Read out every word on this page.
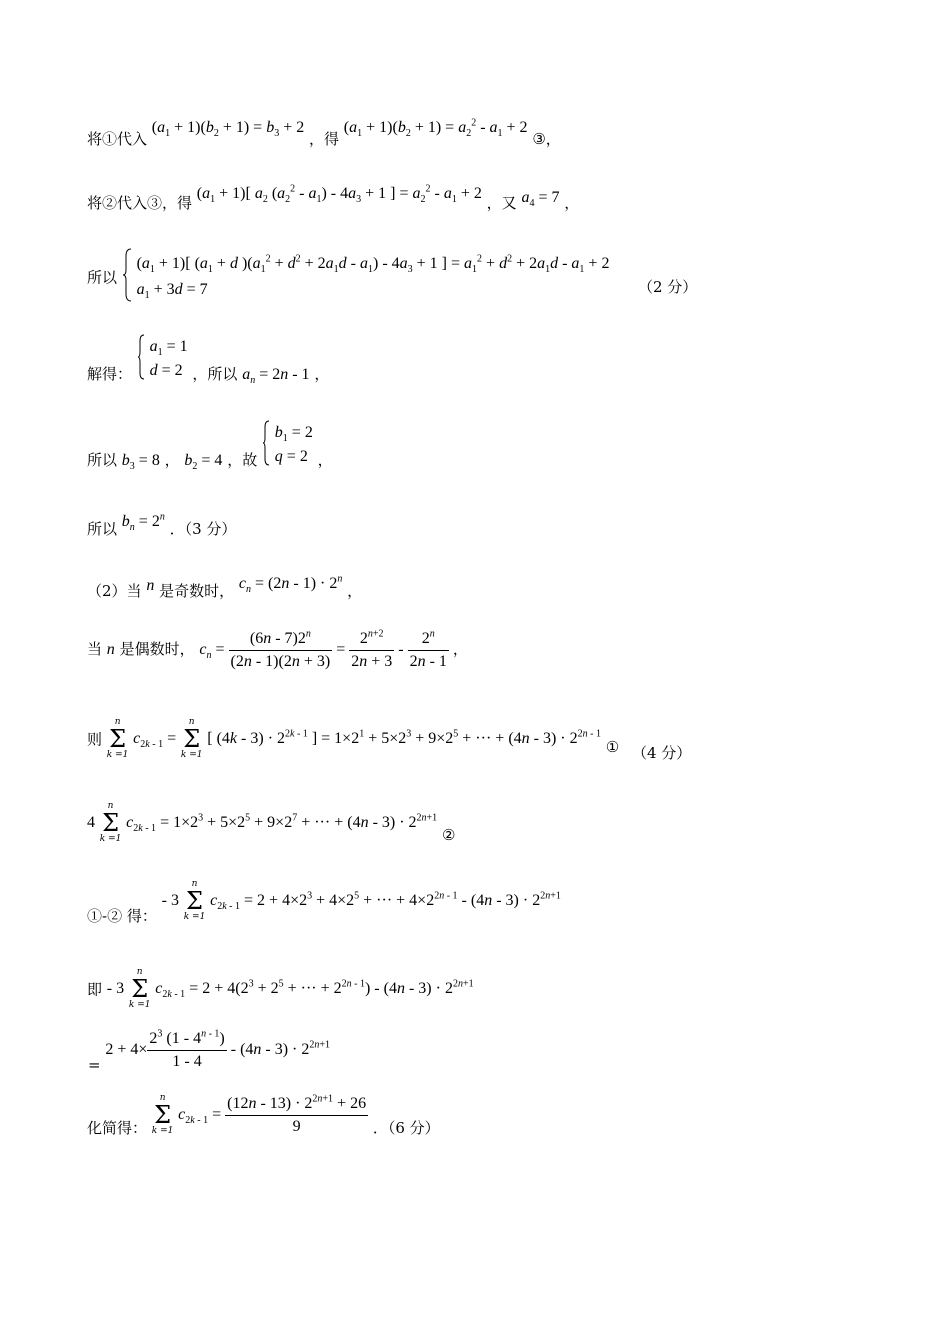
将①代入 $(a_1 + 1)(b_2 + 1) = b_3 + 2$ ，得 $(a_1 + 1)(b_2 + 1) = a_2^2 - a_1 + 2$ ③，
将②代入③，得 $(a_1 + 1)$[ $a_2$ $(a_2^2 - a_1) - 4a_3 + 1$ ] = $a_2^2 - a_1 + 2$ ，又 $a_4 = 7$ ，
所以
$(a_1 + 1)$[ ($a_1 + d$ )$(a_1^2 + d^2 + 2a_1d - a_1) - 4a_3 + 1$ ] = $a_1^2 + d^2 + 2a_1d - a_1 + 2$
$a_1 + 3d = 7$	（2 分）
解得：
$a_1 = 1$
d = 2 ，所以 $a_n = 2n - 1$ ，
所以 $b_3 = 8$ ， $b_2 = 4$ ，故
$b_1 = 2$
q = 2 ，
所以 $b_n = 2^n$ ．（3 分）
（2）当 n 是奇数时， $c_n = (2n - 1) \cdot 2^n$ ，
当 n 是偶数时， $c_n = \frac{(6n - 7)2^n}{(2n - 1)(2n + 3)} = \frac{2^{n+2}}{2n + 3} - \frac{2^n}{2n - 1}$ ，
则
n
Σ
k =1
$c_{2k - 1}$ =
n
Σ
k =1
[ $(4k - 3) \cdot 2^{2k - 1}$ ] = $1\times 2^1 + 5\times 2^3 + 9\times 2^5$ + ··· + $(4n - 3) \cdot 2^{2n - 1}$ ① （4 分）
4
n
Σ
k =1
$c_{2k - 1} = 1\times 2^3 + 5\times 2^5 + 9\times 2^7$ + ··· + $(4n - 3) \cdot 2^{2n+1}$ ②
①-② 得： - 3
n
Σ
k =1
$c_{2k - 1} = 2 + 4\times 2^3 + 4\times 2^5$ + ··· + $4\times 2^{2n - 1} - (4n - 3) \cdot 2^{2n+1}$
即 - 3
n
Σ
k =1
$c_{2k - 1} = 2 + 4(2^3 + 2^5$ + ··· + $2^{2n - 1}) - (4n - 3) \cdot 2^{2n+1}$
= $2 + 4\times \frac{2^3 (1 - 4^{n - 1})}{1 - 4} - (4n - 3) \cdot 2^{2n+1}$
化简得：
n
Σ
k =1
$c_{2k - 1} = \frac{(12n - 13) \cdot 2^{2n+1} + 26}{9}$ ．（6 分）
